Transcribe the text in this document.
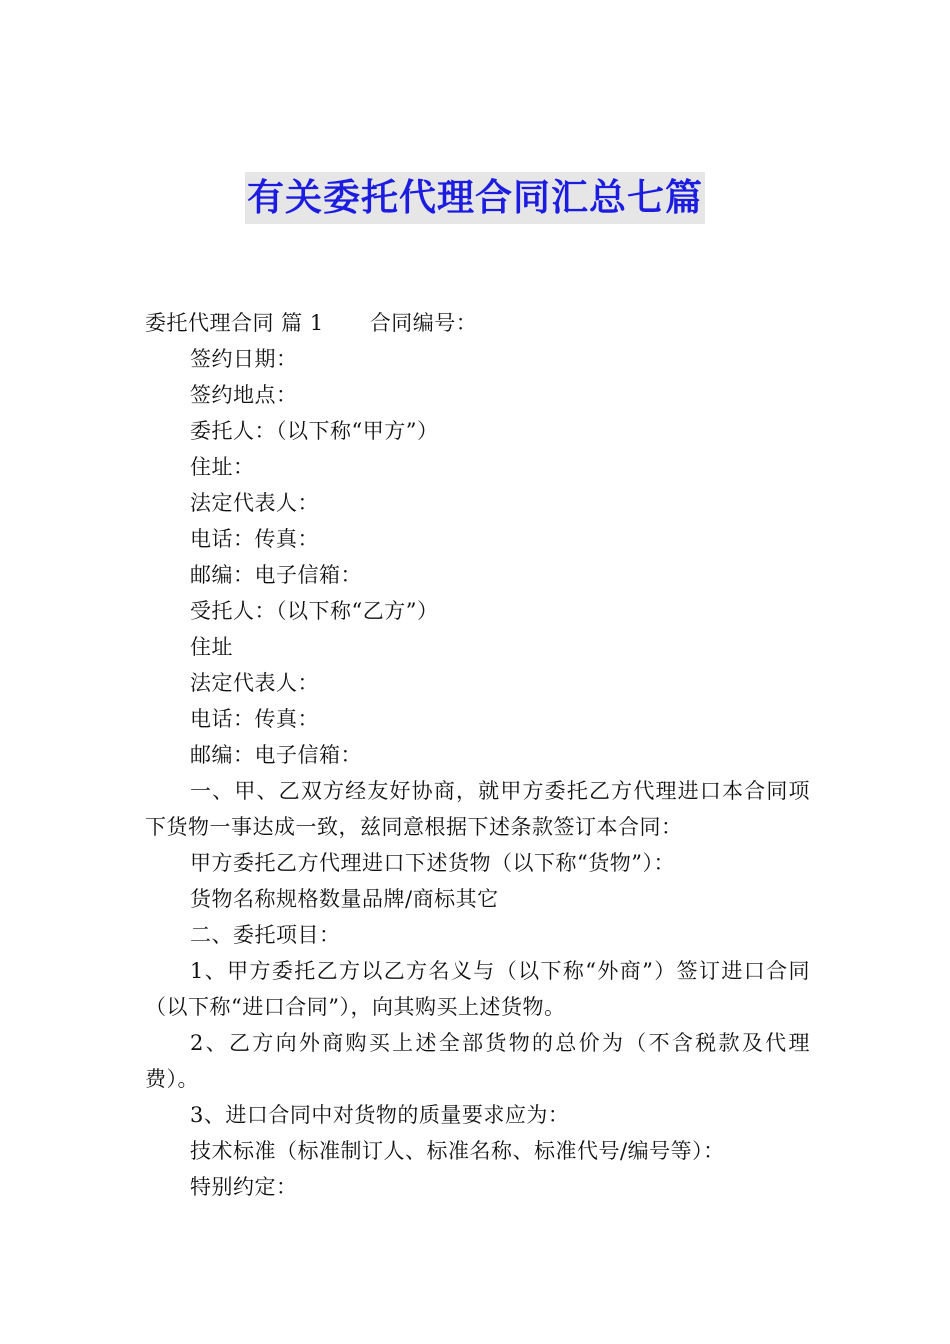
有关委托代理合同汇总七篇
委托代理合同 篇 1 合同编号：
签约日期：
签约地点：
委托人：（以下称“甲方”）
住址：
法定代表人：
电话：传真：
邮编：电子信箱：
受托人：（以下称“乙方”）
住址
法定代表人：
电话：传真：
邮编：电子信箱：
一、甲、乙双方经友好协商，就甲方委托乙方代理进口本合同项下货物一事达成一致，兹同意根据下述条款签订本合同：
甲方委托乙方代理进口下述货物（以下称“货物”）：
货物名称规格数量品牌/商标其它
二、委托项目：
1、甲方委托乙方以乙方名义与（以下称“外商”）签订进口合同（以下称“进口合同”），向其购买上述货物。
2、乙方向外商购买上述全部货物的总价为（不含税款及代理费）。
3、进口合同中对货物的质量要求应为：
技术标准（标准制订人、标准名称、标准代号/编号等）：
特别约定：
